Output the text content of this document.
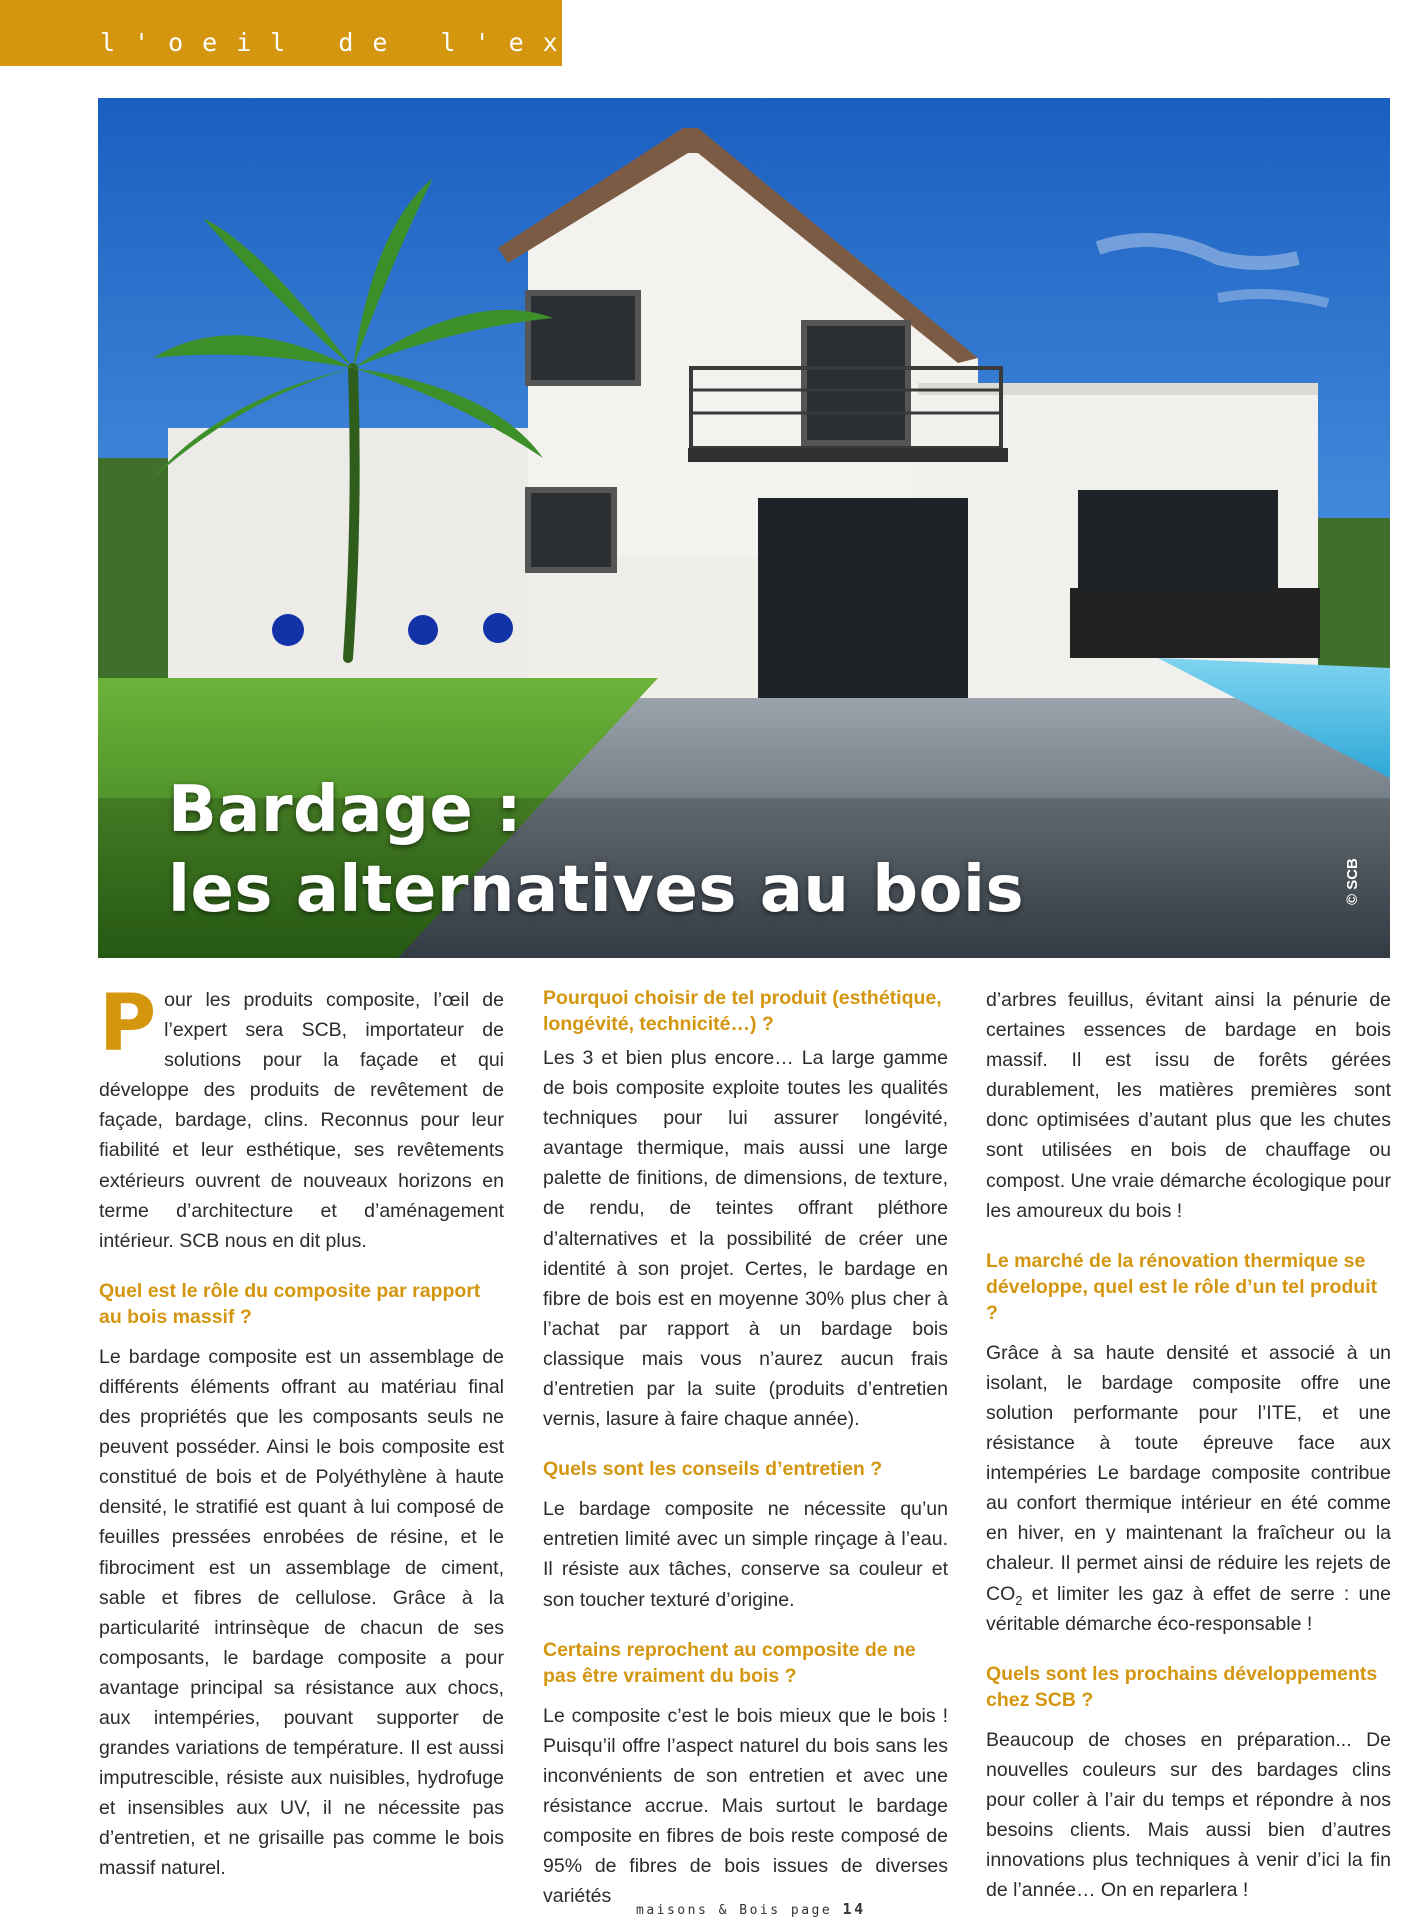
l'oeil de l'expert
Bardage :
les alternatives au bois	© SCB

Pour les produits composite, l’œil de l’expert sera SCB, importateur de solutions pour la façade et qui développe des produits de revêtement de façade, bardage, clins. Reconnus pour leur fiabilité et leur esthétique, ses revêtements extérieurs ouvrent de nouveaux horizons en terme d’architecture et d’aménagement intérieur. SCB nous en dit plus.

Quel est le rôle du composite par rapport au bois massif ?

Le bardage composite est un assemblage de différents éléments offrant au matériau final des propriétés que les composants seuls ne peuvent posséder. Ainsi le bois composite est constitué de bois et de Polyéthylène à haute densité, le stratifié est quant à lui composé de feuilles pressées enrobées de résine, et le fibrociment est un assemblage de ciment, sable et fibres de cellulose. Grâce à la particularité intrinsèque de chacun de ses composants, le bardage composite a pour avantage principal sa résistance aux chocs, aux intempéries, pouvant supporter de grandes variations de température. Il est aussi imputrescible, résiste aux nuisibles, hydrofuge et insensibles aux UV, il ne nécessite pas d’entretien, et ne grisaille pas comme le bois massif naturel.

Pourquoi choisir de tel produit (esthétique, longévité, technicité…) ?

Les 3 et bien plus encore… La large gamme de bois composite exploite toutes les qualités techniques pour lui assurer longévité, avantage thermique, mais aussi une large palette de finitions, de dimensions, de texture, de rendu, de teintes offrant pléthore d’alternatives et la possibilité de créer une identité à son projet. Certes, le bardage en fibre de bois est en moyenne 30% plus cher à l’achat par rapport à un bardage bois classique mais vous n’aurez aucun frais d’entretien par la suite (produits d’entretien vernis, lasure à faire chaque année).

Quels sont les conseils d’entretien ?

Le bardage composite ne nécessite qu’un entretien limité avec un simple rinçage à l’eau. Il résiste aux tâches, conserve sa couleur et son toucher texturé d’origine.

Certains reprochent au composite de ne pas être vraiment du bois ?

Le composite c’est le bois mieux que le bois ! Puisqu’il offre l’aspect naturel du bois sans les inconvénients de son entretien et avec une résistance accrue. Mais surtout le bardage composite en fibres de bois reste composé de 95% de fibres de bois issues de diverses variétés

d’arbres feuillus, évitant ainsi la pénurie de certaines essences de bardage en bois massif. Il est issu de forêts gérées durablement, les matières premières sont donc optimisées d’autant plus que les chutes sont utilisées en bois de chauffage ou compost. Une vraie démarche écologique pour les amoureux du bois !

Le marché de la rénovation thermique se développe, quel est le rôle d’un tel produit ?

Grâce à sa haute densité et associé à un isolant, le bardage composite offre une solution performante pour l’ITE, et une résistance à toute épreuve face aux intempéries Le bardage composite contribue au confort thermique intérieur en été comme en hiver, en y maintenant la fraîcheur ou la chaleur. Il permet ainsi de réduire les rejets de $CO_2$ et limiter les gaz à effet de serre : une véritable démarche éco-responsable !

Quels sont les prochains développements chez SCB ?

Beaucoup de choses en préparation... De nouvelles couleurs sur des bardages clins pour coller à l’air du temps et répondre à nos besoins clients. Mais aussi bien d’autres innovations plus techniques à venir d’ici la fin de l’année… On en reparlera !

maisons & Bois page 14
